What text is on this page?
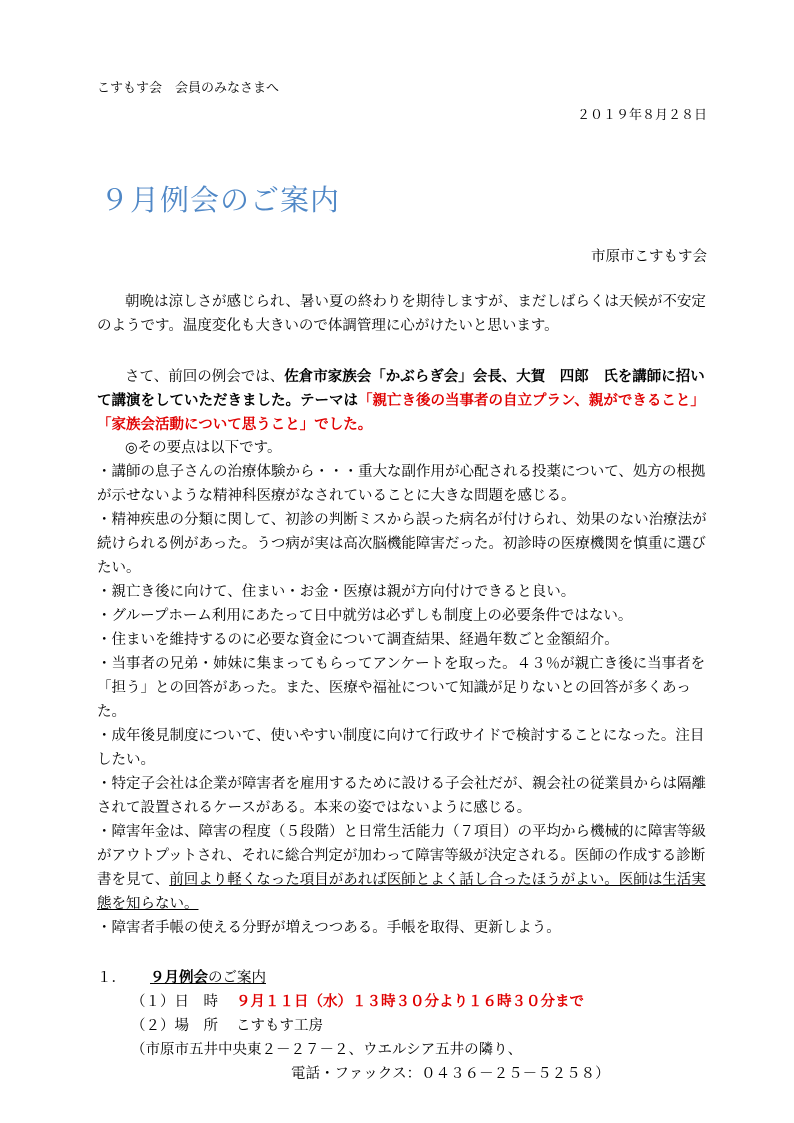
こすもす会　会員のみなさまへ
２０１９年８月２８日
９月例会のご案内
市原市こすもす会
朝晩は涼しさが感じられ、暑い夏の終わりを期待しますが、まだしばらくは天候が不安定のようです。温度変化も大きいので体調管理に心がけたいと思います。
さて、前回の例会では、佐倉市家族会「かぶらぎ会」会長、大賀　四郎　氏を講師に招いて講演をしていただきました。テーマは「親亡き後の当事者の自立プラン、親ができること」「家族会活動について思うこと」でした。
◎その要点は以下です。
・講師の息子さんの治療体験から・・・重大な副作用が心配される投薬について、処方の根拠が示せないような精神科医療がなされていることに大きな問題を感じる。
・精神疾患の分類に関して、初診の判断ミスから誤った病名が付けられ、効果のない治療法が続けられる例があった。うつ病が実は高次脳機能障害だった。初診時の医療機関を慎重に選びたい。
・親亡き後に向けて、住まい・お金・医療は親が方向付けできると良い。
・グループホーム利用にあたって日中就労は必ずしも制度上の必要条件ではない。
・住まいを維持するのに必要な資金について調査結果、経過年数ごと金額紹介。
・当事者の兄弟・姉妹に集まってもらってアンケートを取った。４３％が親亡き後に当事者を「担う」との回答があった。また、医療や福祉について知識が足りないとの回答が多くあった。
・成年後見制度について、使いやすい制度に向けて行政サイドで検討することになった。注目したい。
・特定子会社は企業が障害者を雇用するために設ける子会社だが、親会社の従業員からは隔離されて設置されるケースがある。本来の姿ではないように感じる。
・障害年金は、障害の程度（５段階）と日常生活能力（７項目）の平均から機械的に障害等級がアウトプットされ、それに総合判定が加わって障害等級が決定される。医師の作成する診断書を見て、前回より軽くなった項目があれば医師とよく話し合ったほうがよい。医師は生活実態を知らない。
・障害者手帳の使える分野が増えつつある。手帳を取得、更新しよう。
１． ９月例会のご案内
（１）日　時 ９月１１日（水）１３時３０分より１６時３０分まで
（２）場　所 こすもす工房
（市原市五井中央東２－２７－２、ウエルシア五井の隣り、
電話・ファックス：０４３６－２５－５２５８）
